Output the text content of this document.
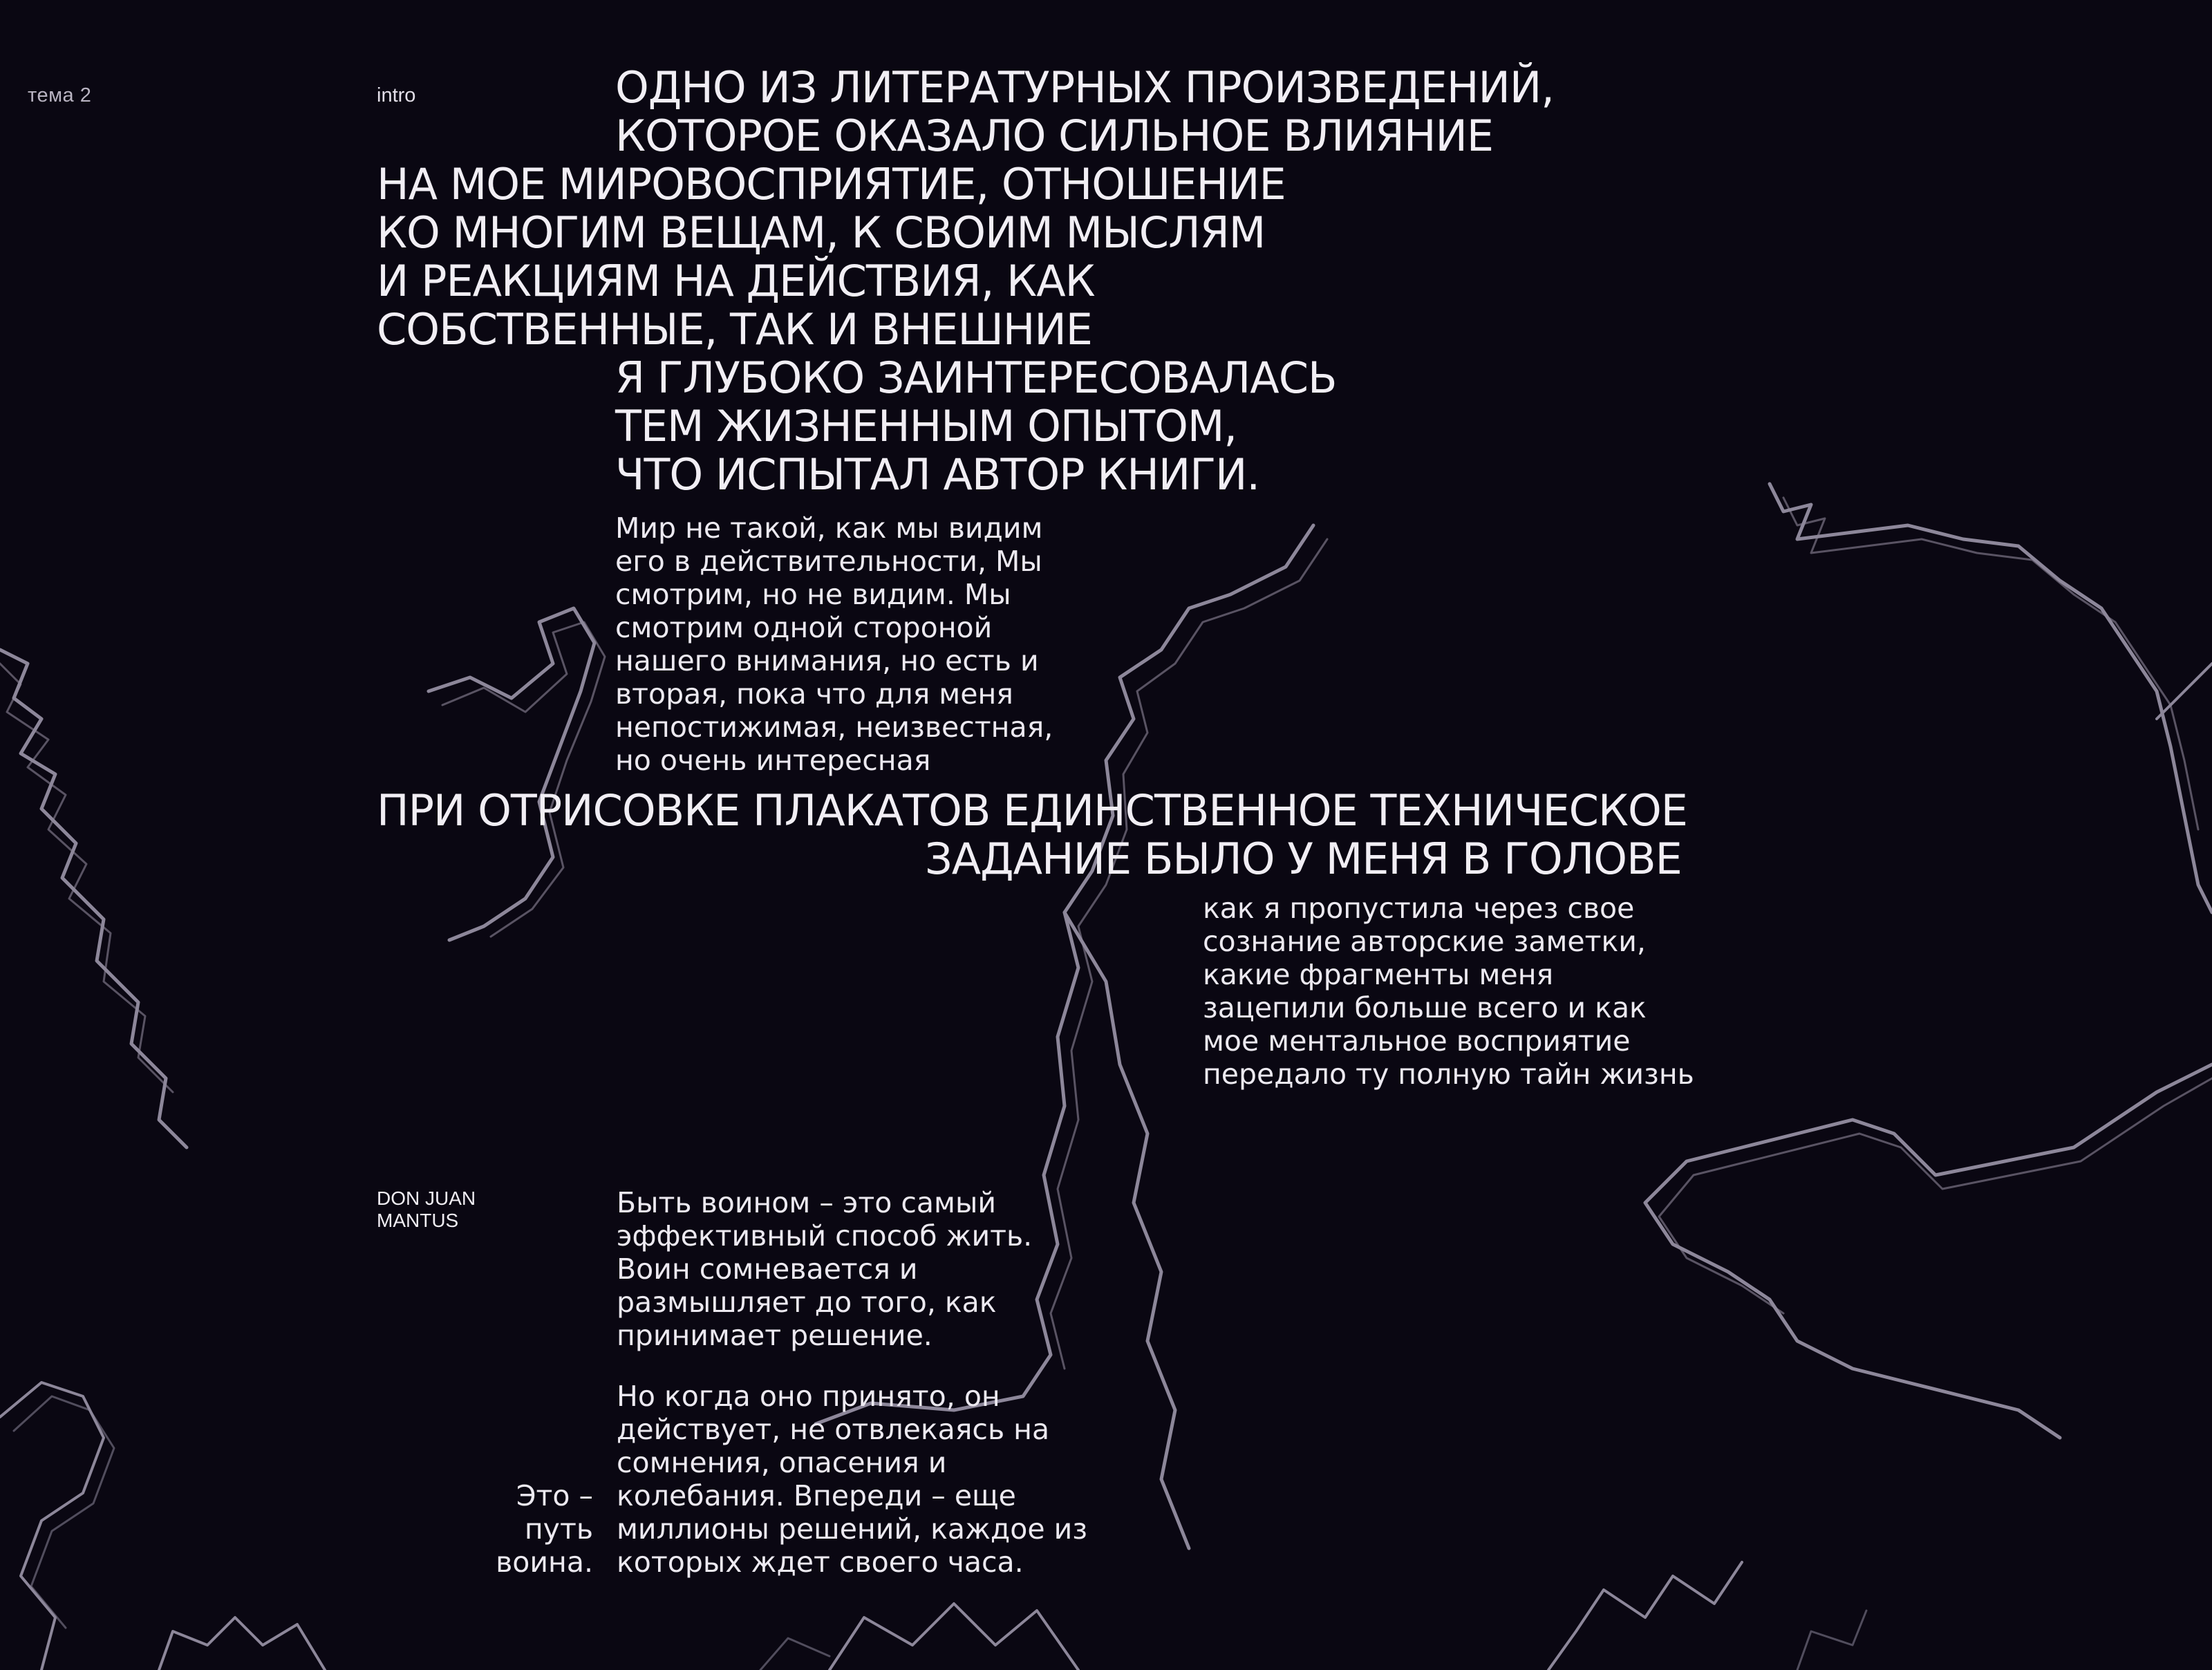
тема 2	intro	ОДНО ИЗ ЛИТЕРАТУРНЫХ ПРОИЗВЕДЕНИЙ,
КОТОРОЕ ОКАЗАЛО СИЛЬНОЕ ВЛИЯНИЕ
НА МОЕ МИРОВОСПРИЯТИЕ, ОТНОШЕНИЕ
КО МНОГИМ ВЕЩАМ, К СВОИМ МЫСЛЯМ
И РЕАКЦИЯМ НА ДЕЙСТВИЯ, КАК
СОБСТВЕННЫЕ, ТАК И ВНЕШНИЕ
Я ГЛУБОКО ЗАИНТЕРЕСОВАЛАСЬ
ТЕМ ЖИЗНЕННЫМ ОПЫТОМ,
ЧТО ИСПЫТАЛ АВТОР КНИГИ.
Мир не такой, как мы видим
его в действительности, Мы
смотрим, но не видим. Мы
смотрим одной стороной
нашего внимания, но есть и
вторая, пока что для меня
непостижимая, неизвестная,
но очень интересная
ПРИ ОТРИСОВКЕ ПЛАКАТОВ ЕДИНСТВЕННОЕ ТЕХНИЧЕСКОЕ
ЗАДАНИЕ БЫЛО У МЕНЯ В ГОЛОВЕ
как я пропустила через свое
сознание авторские заметки,
какие фрагменты меня
зацепили больше всего и как
мое ментальное восприятие
передало ту полную тайн жизнь
DON JUAN
MANTUS
Быть воином – это самый
эффективный способ жить.
Воин сомневается и
размышляет до того, как
принимает решение.
Но когда оно принято, он
действует, не отвлекаясь на
сомнения, опасения и
колебания. Впереди – еще
миллионы решений, каждое из
которых ждет своего часа.
Это –
путь
воина.
